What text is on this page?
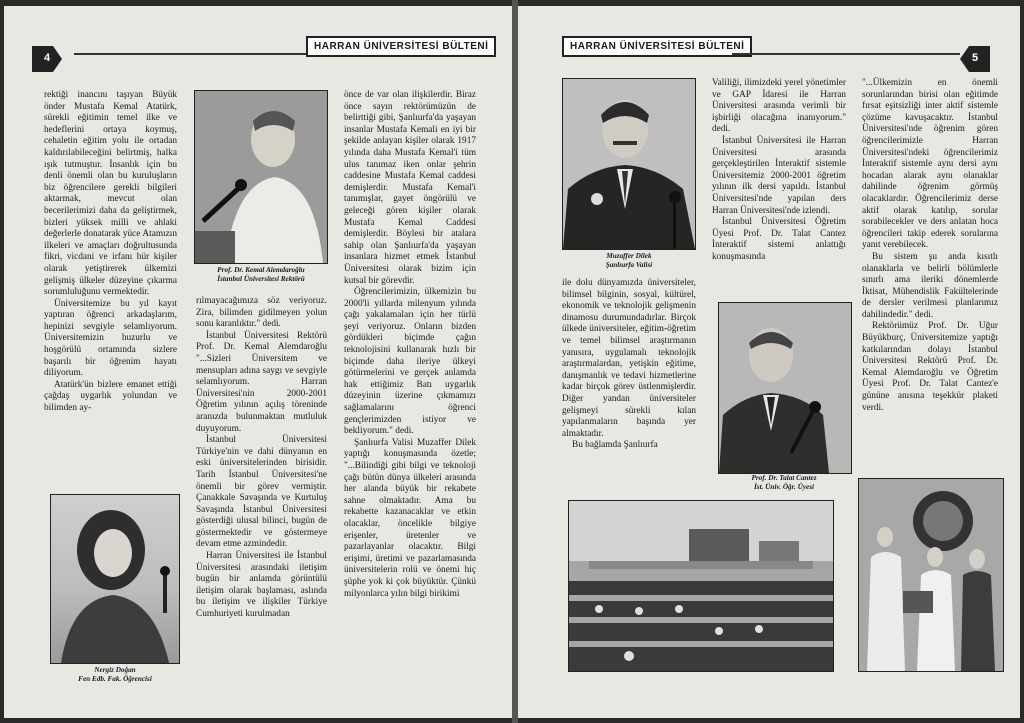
4
HARRAN ÜNİVERSİTESİ BÜLTENİ

rektiği inancını taşıyan Büyük önder Mustafa Kemal Atatürk, sürekli eğitimin temel ilke ve hedeflerini ortaya koymuş, cehaletin eğitim yolu ile ortadan kaldırılabileceğini belirtmiş, halka ışık tutmuştur. İnsanlık için bu denli önemli olan bu kuruluşların biz öğrencilere gerekli bilgileri aktarmak, mevcut olan becerilerimizi daha da geliştirmek, bizleri yüksek milli ve ahlaki değerlerle donatarak yüce Atamızın ilkeleri ve amaçları doğrultusunda fikri, vicdani ve irfanı hür kişiler olarak yetiştirerek ülkemizi gelişmiş ülkeler düzeyine çıkarma sorumluluğunu vermektedir.

Üniversitemize bu yıl kayıt yaptıran öğrenci arkadaşlarım, hepinizi sevgiyle selamlıyorum. Üniversitemizin huzurlu ve hoşgörülü ortamında sizlere başarılı bir öğrenim hayatı diliyorum.

Atatürk'ün bizlere emanet ettiği çağdaş uygarlık yolundan ve bilimden ay-

Nergiz Doğan
Fen Edb. Fak. Öğrencisi
Prof. Dr. Kemal Alemdaroğlu
İstanbul Üniversitesi Rektörü

rılmayacağımıza söz veriyoruz. Zira, bilimden gidilmeyen yolun sonu karanlıktır." dedi.

İstanbul Üniversitesi Rektörü Prof. Dr. Kemal Alemdaroğlu "...Sizleri Üniversitem ve mensupları adına saygı ve sevgiyle selamlıyorum. Harran Üniversitesi'nin 2000-2001 Öğretim yılının açılış töreninde aranızda bulunmaktan mutluluk duyuyorum.

İstanbul Üniversitesi Türkiye'nin ve dahi dünyanın en eski üniversitelerinden birisidir. Tarih İstanbul Üniversitesi'ne önemli bir görev vermiştir. Çanakkale Savaşında ve Kurtuluş Savaşında İstanbul Üniversitesi gösterdiği ulusal bilinci, bugün de göstermektedir ve göstermeye devam etme azmindedir.

Harran Üniversitesi ile İstanbul Üniversitesi arasındaki iletişim bugün bir anlamda görüntülü iletişim olarak başlaması, aslında bu iletişim ve ilişkiler Türkiye Cumhuriyeti kurulmadan

önce de var olan ilişkilerdir. Biraz önce sayın rektörümüzün de belirttiği gibi, Şanlıurfa'da yaşayan insanlar Mustafa Kemali en iyi bir şekilde anlayan kişiler olarak 1917 yılında daha Mustafa Kemal'i tüm ulus tanımaz iken onlar şehrin caddesine Mustafa Kemal caddesi demişlerdir. Mustafa Kemal'i tanımışlar, gayet öngörülü ve geleceği gören kişiler olarak Mustafa Kemal Caddesi demişlerdir. Böylesi bir atalara sahip olan Şanlıurfa'da yaşayan insanlara hizmet etmek İstanbul Üniversitesi olarak bizim için kutsal bir görevdir.

Öğrencilerimizin, ülkemizin bu 2000'li yıllarda milenyum yılında çağı yakalamaları için her türlü şeyi veriyoruz. Onların bizden gördükleri biçimde çağın teknolojisini kullanarak hızlı bir biçimde daha ileriye ülkeyi götürmelerini ve gerçek anlamda hak ettiğimiz Batı uygarlık düzeyinin üzerine çıkmamızı sağlamalarını öğrenci gençlerimizden istiyor ve bekliyorum." dedi.

Şanlıurfa Valisi Muzaffer Dilek yaptığı konuşmasında özetle; "...Bilindiği gibi bilgi ve teknoloji çağı bütün dünya ülkeleri arasında her alanda büyük bir rekabete sahne olmaktadır. Ama bu rekabette kazanacaklar ve etkin olacaklar, öncelikle bilgiye erişenler, üretenler ve pazarlayanlar olacaktır. Bilgi erişimi, üretimi ve pazarlamasında üniversitelerin rolü ve önemi hiç şüphe yok ki çok büyüktür. Çünkü milyonlarca yılın bilgi birikimi

HARRAN ÜNİVERSİTESİ BÜLTENİ
5
Muzaffer Dilek
Şanlıurfa Valisi

ile dolu dünyamızda üniversiteler, bilimsel bilginin, sosyal, kültürel, ekonomik ve teknolojik gelişmenin dinamosu durumundadırlar. Birçok ülkede üniversiteler, eğitim-öğretim ve temel bilimsel araştırmanın yanısıra, uygulamalı teknolojik araştırmalardan, yetişkin eğitime, danışmanlık ve tedavi hizmetlerine kadar birçok görev üstlenmişlerdir. Diğer yandan üniversiteler gelişmeyi sürekli kılan yapılanmaların başında yer almaktadır.

Bu bağlamda Şanlıurfa

Valiliği, ilimizdeki yerel yönetimler ve GAP İdaresi ile Harran Üniversitesi arasında verimli bir işbirliği olacağına inanıyorum." dedi.

İstanbul Üniversitesi ile Harran Üniversitesi arasında gerçekleştirilen İnteraktif sistemle Üniversitemiz 2000-2001 öğretim yılının ilk dersi yapıldı. İstanbul Üniversitesi'nde yapılan ders Harran Üniversitesi'nde izlendi.

İstanbul Üniversitesi Öğretim Üyesi Prof. Dr. Talat Cantez İnteraktif sistemi anlattığı konuşmasında

Prof. Dr. Talat Cantez
İst. Üniv. Öğr. Üyesi

"...Ülkemizin en önemli sorunlarından birisi olan eğitimde fırsat eşitsizliği inter aktif sistemle çözüme kavuşacaktır. İstanbul Üniversitesi'nde öğrenim gören öğrencilerimizle Harran Üniversitesi'ndeki öğrencilerimiz İnteraktif sistemle aynı dersi aynı hocadan alarak aynı olanaklar dahilinde öğrenim görmüş olacaklardır. Öğrencilerimiz derse aktif olarak katılıp, sorular sorabilecekler ve ders anlatan hoca öğrencileri takip ederek sorularına yanıt verebilecek.

Bu sistem şu anda kısıtlı olanaklarla ve belirli bölümlerle sınırlı ama ileriki dönemlerde İktisat, Mühendislik Fakültelerinde de dersler verilmesi planlarımız dahilindedir." dedi.

Rektörümüz Prof. Dr. Uğur Büyükburç, Üniversitemize yaptığı katkılarından dolayı İstanbul Üniversitesi Rektörü Prof. Dr. Kemal Alemdaroğlu ve Öğretim Üyesi Prof. Dr. Talat Cantez'e gününe anısına teşekkür plaketi verdi.
